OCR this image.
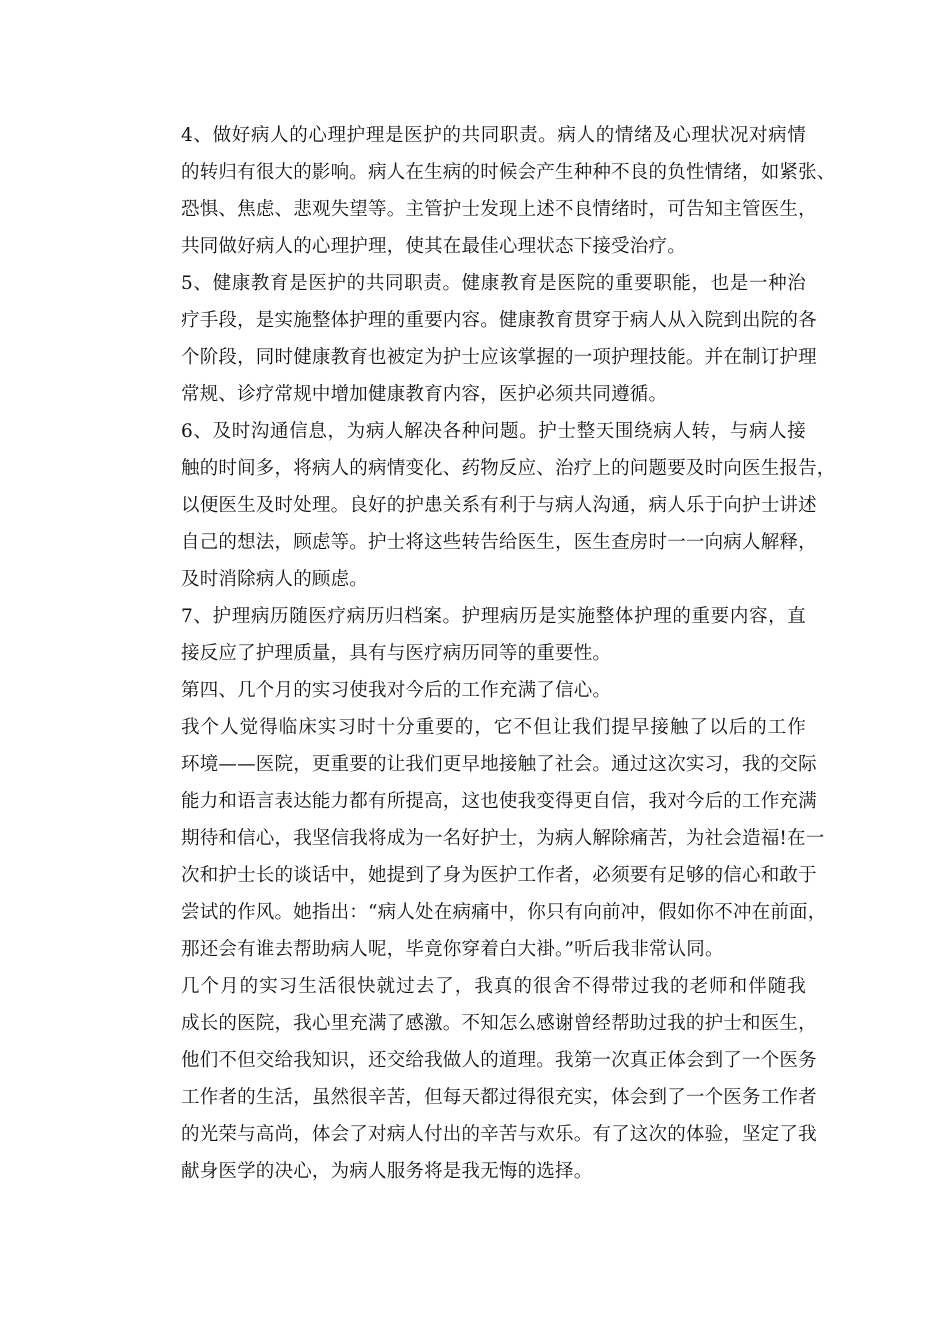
4、做好病人的心理护理是医护的共同职责。病人的情绪及心理状况对病情
的转归有很大的影响。病人在生病的时候会产生种种不良的负性情绪，如紧张、
恐惧、焦虑、悲观失望等。主管护士发现上述不良情绪时，可告知主管医生，
共同做好病人的心理护理，使其在最佳心理状态下接受治疗。

5、健康教育是医护的共同职责。健康教育是医院的重要职能，也是一种治
疗手段，是实施整体护理的重要内容。健康教育贯穿于病人从入院到出院的各
个阶段，同时健康教育也被定为护士应该掌握的一项护理技能。并在制订护理
常规、诊疗常规中增加健康教育内容，医护必须共同遵循。

6、及时沟通信息，为病人解决各种问题。护士整天围绕病人转，与病人接
触的时间多，将病人的病情变化、药物反应、治疗上的问题要及时向医生报告，
以便医生及时处理。良好的护患关系有利于与病人沟通，病人乐于向护士讲述
自己的想法，顾虑等。护士将这些转告给医生，医生查房时一一向病人解释，
及时消除病人的顾虑。

7、护理病历随医疗病历归档案。护理病历是实施整体护理的重要内容，直
接反应了护理质量，具有与医疗病历同等的重要性。

第四、几个月的实习使我对今后的工作充满了信心。

我个人觉得临床实习时十分重要的，它不但让我们提早接触了以后的工作
环境——医院，更重要的让我们更早地接触了社会。通过这次实习，我的交际
能力和语言表达能力都有所提高，这也使我变得更自信，我对今后的工作充满
期待和信心，我坚信我将成为一名好护士，为病人解除痛苦，为社会造福!在一
次和护士长的谈话中，她提到了身为医护工作者，必须要有足够的信心和敢于
尝试的作风。她指出：“病人处在病痛中，你只有向前冲，假如你不冲在前面，
那还会有谁去帮助病人呢，毕竟你穿着白大褂。”听后我非常认同。

几个月的实习生活很快就过去了，我真的很舍不得带过我的老师和伴随我
成长的医院，我心里充满了感激。不知怎么感谢曾经帮助过我的护士和医生，
他们不但交给我知识，还交给我做人的道理。我第一次真正体会到了一个医务
工作者的生活，虽然很辛苦，但每天都过得很充实，体会到了一个医务工作者
的光荣与高尚，体会了对病人付出的辛苦与欢乐。有了这次的体验，坚定了我
献身医学的决心，为病人服务将是我无悔的选择。
